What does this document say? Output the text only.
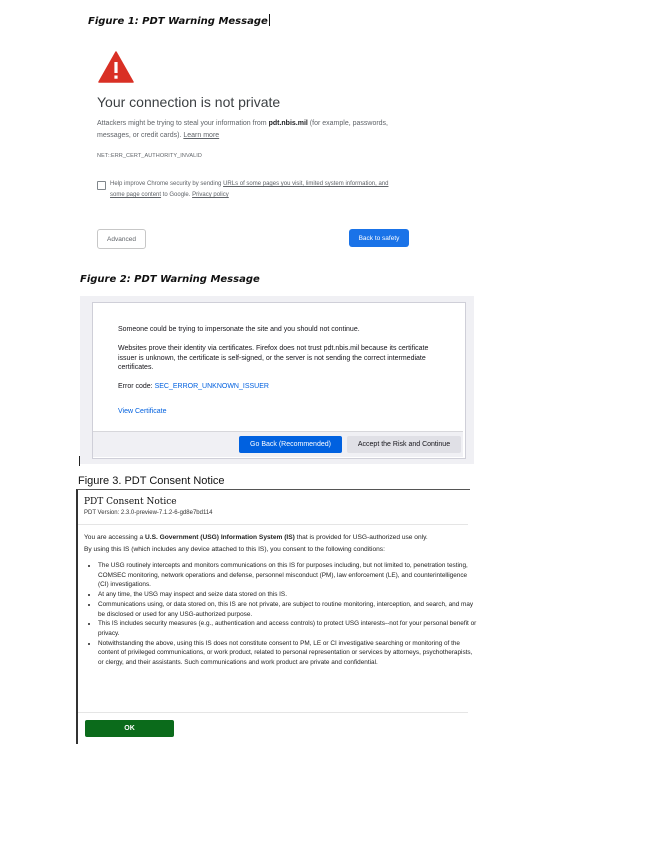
Figure 1: PDT Warning Message
Your connection is not private
Attackers might be trying to steal your information from pdt.nbis.mil (for example, passwords, messages, or credit cards). Learn more
NET::ERR_CERT_AUTHORITY_INVALID
Help improve Chrome security by sending URLs of some pages you visit, limited system information, and some page content to Google. Privacy policy
Advanced	Back to safety
Figure 2: PDT Warning Message
Someone could be trying to impersonate the site and you should not continue.
Websites prove their identity via certificates. Firefox does not trust pdt.nbis.mil because its certificate issuer is unknown, the certificate is self-signed, or the server is not sending the correct intermediate certificates.
Error code: SEC_ERROR_UNKNOWN_ISSUER
View Certificate
Go Back (Recommended)	Accept the Risk and Continue
Figure 3. PDT Consent Notice
PDT Consent Notice
PDT Version: 2.3.0-preview-7.1.2-6-gd8e7bd114
You are accessing a U.S. Government (USG) Information System (IS) that is provided for USG-authorized use only.
By using this IS (which includes any device attached to this IS), you consent to the following conditions:
• The USG routinely intercepts and monitors communications on this IS for purposes including, but not limited to, penetration testing, COMSEC monitoring, network operations and defense, personnel misconduct (PM), law enforcement (LE), and counterintelligence (CI) investigations.
• At any time, the USG may inspect and seize data stored on this IS.
• Communications using, or data stored on, this IS are not private, are subject to routine monitoring, interception, and search, and may be disclosed or used for any USG-authorized purpose.
• This IS includes security measures (e.g., authentication and access controls) to protect USG interests--not for your personal benefit or privacy.
• Notwithstanding the above, using this IS does not constitute consent to PM, LE or CI investigative searching or monitoring of the content of privileged communications, or work product, related to personal representation or services by attorneys, psychotherapists, or clergy, and their assistants. Such communications and work product are private and confidential.
OK
